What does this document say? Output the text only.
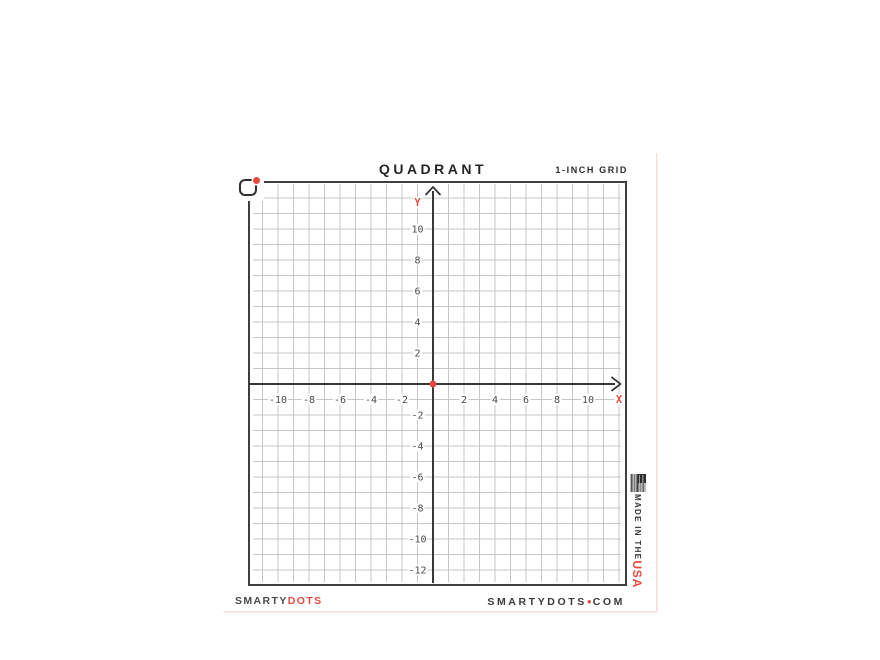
QUADRANT	1-INCH GRID
-10 -8 -6 -4 -2	2 4 6 8 10
10
8
6
4
2
-2
-4
-6
-8
-10
-12
X
Y
MADE IN THEUSA
SMARTYDOTS	SMARTYDOTS●COM
